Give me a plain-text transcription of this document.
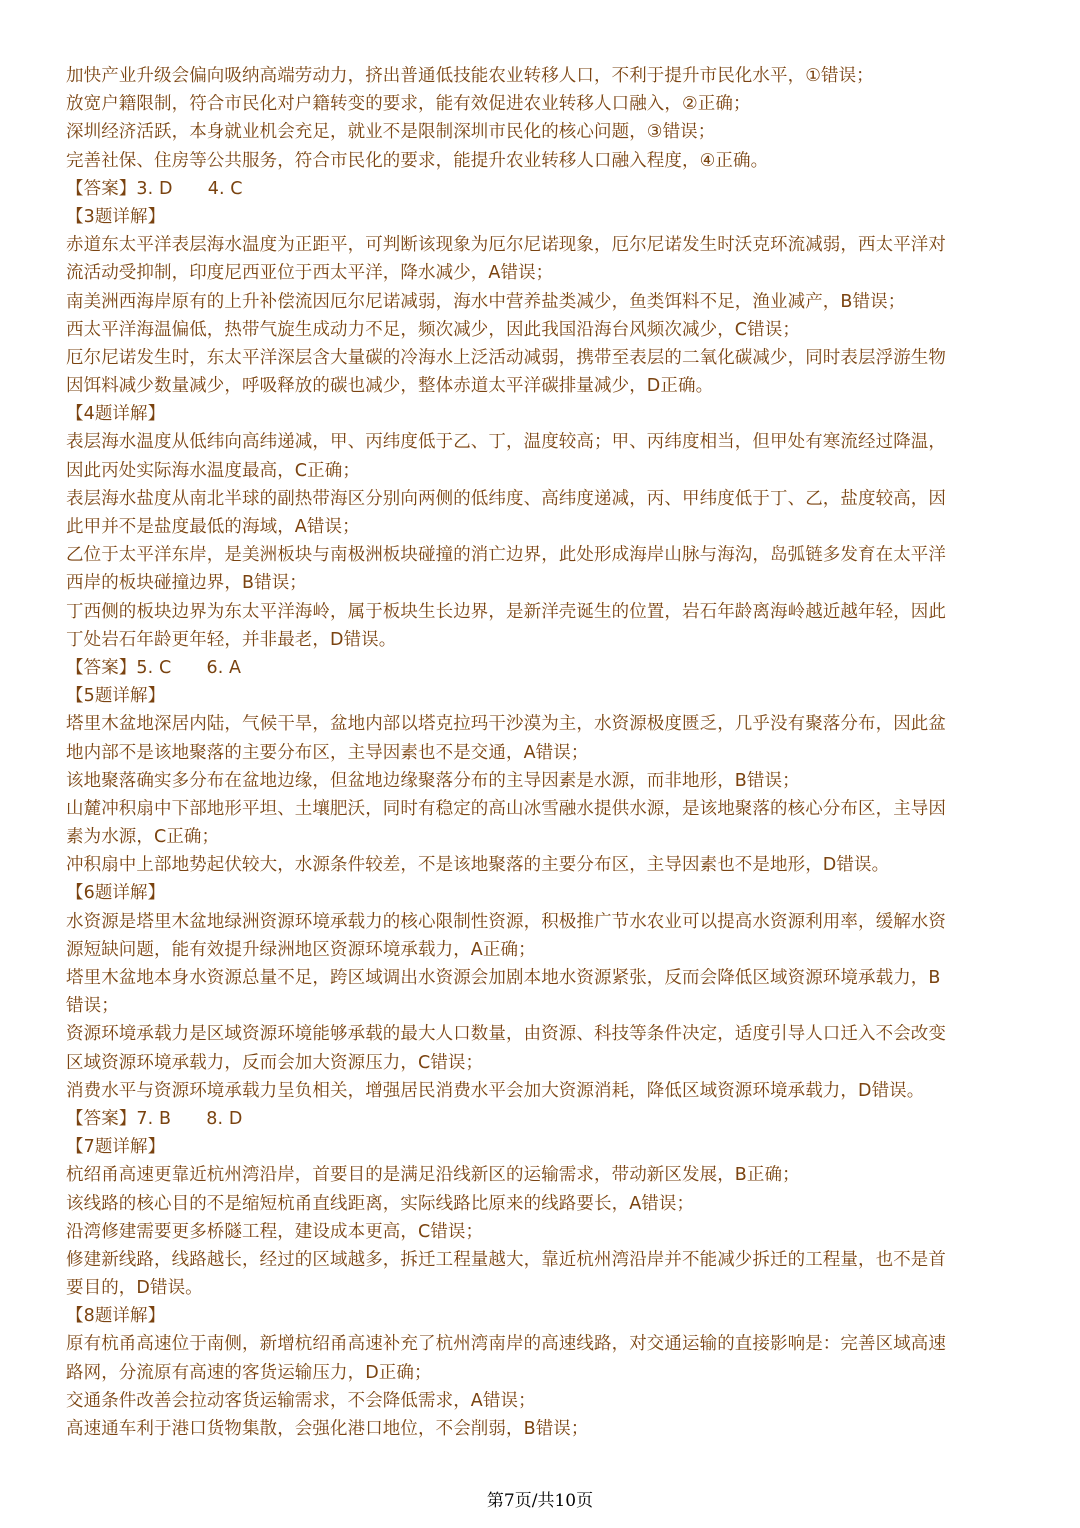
加快产业升级会偏向吸纳高端劳动力，挤出普通低技能农业转移人口，不利于提升市民化水平，①错误；
放宽户籍限制，符合市民化对户籍转变的要求，能有效促进农业转移人口融入，②正确；
深圳经济活跃，本身就业机会充足，就业不是限制深圳市民化的核心问题，③错误；
完善社保、住房等公共服务，符合市民化的要求，能提升农业转移人口融入程度，④正确。
【答案】3. D　　4. C
【3题详解】
赤道东太平洋表层海水温度为正距平，可判断该现象为厄尔尼诺现象，厄尔尼诺发生时沃克环流减弱，西太平洋对
流活动受抑制，印度尼西亚位于西太平洋，降水减少，A错误；
南美洲西海岸原有的上升补偿流因厄尔尼诺减弱，海水中营养盐类减少，鱼类饵料不足，渔业减产，B错误；
西太平洋海温偏低，热带气旋生成动力不足，频次减少，因此我国沿海台风频次减少，C错误；
厄尔尼诺发生时，东太平洋深层含大量碳的冷海水上泛活动减弱，携带至表层的二氧化碳减少，同时表层浮游生物
因饵料减少数量减少，呼吸释放的碳也减少，整体赤道太平洋碳排量减少，D正确。
【4题详解】
表层海水温度从低纬向高纬递减，甲、丙纬度低于乙、丁，温度较高；甲、丙纬度相当，但甲处有寒流经过降温，
因此丙处实际海水温度最高，C正确；
表层海水盐度从南北半球的副热带海区分别向两侧的低纬度、高纬度递减，丙、甲纬度低于丁、乙，盐度较高，因
此甲并不是盐度最低的海域，A错误；
乙位于太平洋东岸，是美洲板块与南极洲板块碰撞的消亡边界，此处形成海岸山脉与海沟，岛弧链多发育在太平洋
西岸的板块碰撞边界，B错误；
丁西侧的板块边界为东太平洋海岭，属于板块生长边界，是新洋壳诞生的位置，岩石年龄离海岭越近越年轻，因此
丁处岩石年龄更年轻，并非最老，D错误。
【答案】5. C　　6. A
【5题详解】
塔里木盆地深居内陆，气候干旱，盆地内部以塔克拉玛干沙漠为主，水资源极度匮乏，几乎没有聚落分布，因此盆
地内部不是该地聚落的主要分布区，主导因素也不是交通，A错误；
该地聚落确实多分布在盆地边缘，但盆地边缘聚落分布的主导因素是水源，而非地形，B错误；
山麓冲积扇中下部地形平坦、土壤肥沃，同时有稳定的高山冰雪融水提供水源，是该地聚落的核心分布区，主导因
素为水源，C正确；
冲积扇中上部地势起伏较大，水源条件较差，不是该地聚落的主要分布区，主导因素也不是地形，D错误。
【6题详解】
水资源是塔里木盆地绿洲资源环境承载力的核心限制性资源，积极推广节水农业可以提高水资源利用率，缓解水资
源短缺问题，能有效提升绿洲地区资源环境承载力，A正确；
塔里木盆地本身水资源总量不足，跨区域调出水资源会加剧本地水资源紧张，反而会降低区域资源环境承载力，B
错误；
资源环境承载力是区域资源环境能够承载的最大人口数量，由资源、科技等条件决定，适度引导人口迁入不会改变
区域资源环境承载力，反而会加大资源压力，C错误；
消费水平与资源环境承载力呈负相关，增强居民消费水平会加大资源消耗，降低区域资源环境承载力，D错误。
【答案】7. B　　8. D
【7题详解】
杭绍甬高速更靠近杭州湾沿岸，首要目的是满足沿线新区的运输需求，带动新区发展，B正确；
该线路的核心目的不是缩短杭甬直线距离，实际线路比原来的线路要长，A错误；
沿湾修建需要更多桥隧工程，建设成本更高，C错误；
修建新线路，线路越长，经过的区域越多，拆迁工程量越大，靠近杭州湾沿岸并不能减少拆迁的工程量，也不是首
要目的，D错误。
【8题详解】
原有杭甬高速位于南侧，新增杭绍甬高速补充了杭州湾南岸的高速线路，对交通运输的直接影响是：完善区域高速
路网，分流原有高速的客货运输压力，D正确；
交通条件改善会拉动客货运输需求，不会降低需求，A错误；
高速通车利于港口货物集散，会强化港口地位，不会削弱，B错误；
第7页/共10页
